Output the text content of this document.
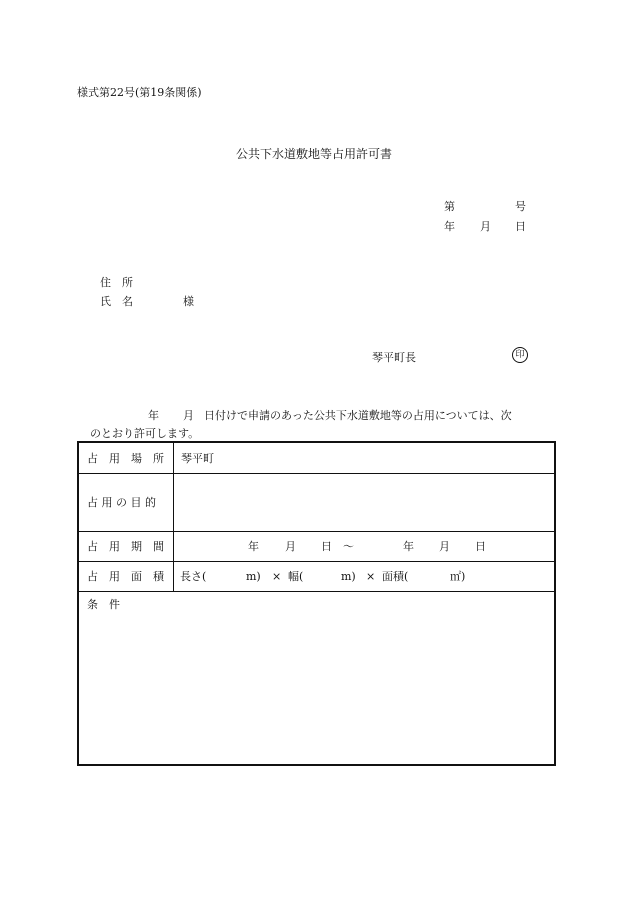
様式第22号(第19条関係)
公共下水道敷地等占用許可書
第	号
年 月 日
住　所
氏　名	様
琴平町長	印
年 月 日付けで申請のあった公共下水道敷地等の占用については、次
のとおり許可します。
占　用　場　所	琴平町
占 用 の 目 的
占　用　期　間	年 月 日 ～	年 月 日
占　用　面　積	長さ(	m) × 幅(	m) × 面積(	㎡)
条　件
